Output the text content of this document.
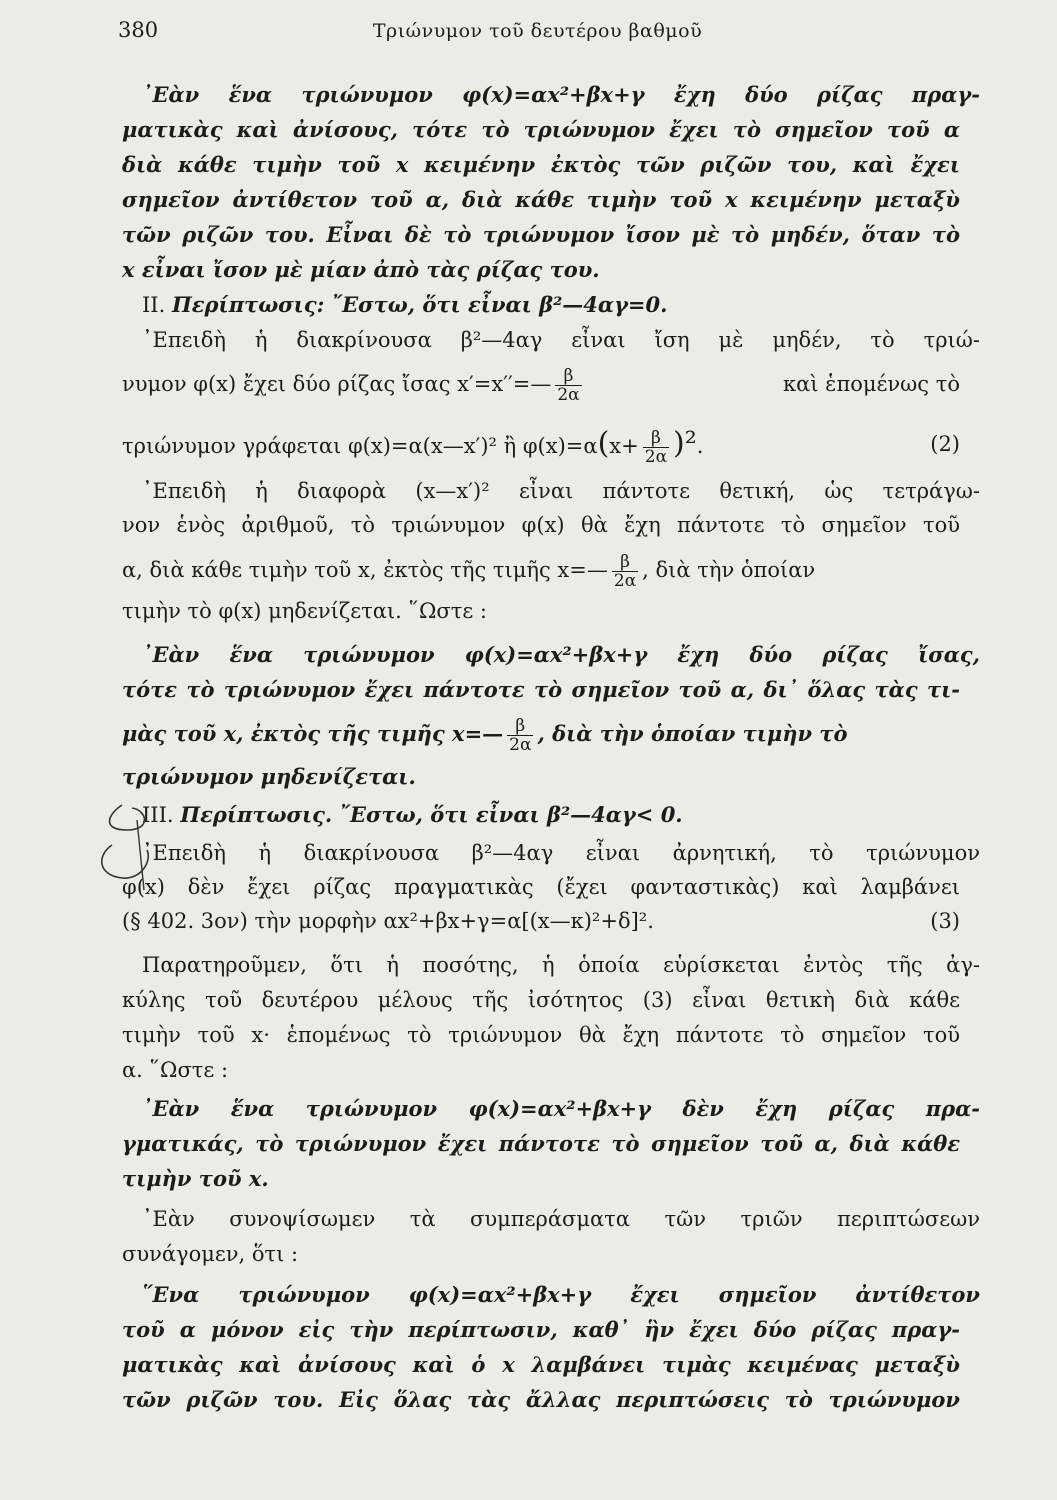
380	Τριώνυμον τοῦ δευτέρου βαθμοῦ
᾿Εὰν ἕνα τριώνυμον φ(x)=αx²+βx+γ ἔχη δύο ρίζας πραγ-
ματικὰς καὶ ἀνίσους, τότε τὸ τριώνυμον ἔχει τὸ σημεῖον τοῦ α
διὰ κάθε τιμὴν τοῦ x κειμένην ἐκτὸς τῶν ριζῶν του, καὶ ἔχει
σημεῖον ἀντίθετον τοῦ α, διὰ κάθε τιμὴν τοῦ x κειμένην μεταξὺ
τῶν ριζῶν του. Εἶναι δὲ τὸ τριώνυμον ἴσον μὲ τὸ μηδέν, ὅταν τὸ
x εἶναι ἴσον μὲ μίαν ἀπὸ τὰς ρίζας του.
II. Περίπτωσις: ῎Εστω, ὅτι εἶναι β²—4αγ=0.
᾿Επειδὴ ἡ διακρίνουσα β²—4αγ εἶναι ἴση μὲ μηδέν, τὸ τριώ-
νυμον φ(x) ἔχει δύο ρίζας ἴσας x′=x′′=— $\frac{\beta}{2\alpha}$	καὶ ἑπομένως τὸ
τριώνυμον γράφεται φ(x)=α(x—x′)² ἢ $\varphi(x)=\alpha(x+ \frac{\beta}{2\alpha} )^2$.	(2)
᾿Επειδὴ ἡ διαφορὰ (x—x′)² εἶναι πάντοτε θετική, ὡς τετράγω-
νον ἑνὸς ἀριθμοῦ, τὸ τριώνυμον φ(x) θὰ ἔχη πάντοτε τὸ σημεῖον τοῦ
α, διὰ κάθε τιμὴν τοῦ x, ἐκτὸς τῆς τιμῆς x=— $\frac{\beta}{2\alpha}$ , διὰ τὴν ὁποίαν
τιμὴν τὸ φ(x) μηδενίζεται. ῞Ωστε :
᾿Εὰν ἕνα τριώνυμον φ(x)=αx²+βx+γ ἔχη δύο ρίζας ἴσας,
τότε τὸ τριώνυμον ἔχει πάντοτε τὸ σημεῖον τοῦ α, δι᾿ ὅλας τὰς τι-
μὰς τοῦ x, ἐκτὸς τῆς τιμῆς x=— $\frac{\beta}{2\alpha}$ , διὰ τὴν ὁποίαν τιμὴν τὸ
τριώνυμον μηδενίζεται.
III. Περίπτωσις. ῎Εστω, ὅτι εἶναι β²—4αγ< 0.
᾿Επειδὴ ἡ διακρίνουσα β²—4αγ εἶναι ἀρνητική, τὸ τριώνυμον
φ(x) δὲν ἔχει ρίζας πραγματικὰς (ἔχει φανταστικὰς) καὶ λαμβάνει
(§ 402. 3ον) τὴν μορφὴν αx²+βx+γ=α[(x—κ)²+δ]².	(3)
Παρατηροῦμεν, ὅτι ἡ ποσότης, ἡ ὁποία εὑρίσκεται ἐντὸς τῆς ἀγ-
κύλης τοῦ δευτέρου μέλους τῆς ἰσότητος (3) εἶναι θετικὴ διὰ κάθε
τιμὴν τοῦ x· ἑπομένως τὸ τριώνυμον θὰ ἔχη πάντοτε τὸ σημεῖον τοῦ
α. ῞Ωστε :
᾿Εὰν ἕνα τριώνυμον φ(x)=αx²+βx+γ δὲν ἔχη ρίζας πρα-
γματικάς, τὸ τριώνυμον ἔχει πάντοτε τὸ σημεῖον τοῦ α, διὰ κάθε
τιμὴν τοῦ x.
᾿Εὰν συνοψίσωμεν τὰ συμπεράσματα τῶν τριῶν περιπτώσεων
συνάγομεν, ὅτι :
῞Ενα τριώνυμον φ(x)=αx²+βx+γ ἔχει σημεῖον ἀντίθετον
τοῦ α μόνον εἰς τὴν περίπτωσιν, καθ᾿ ἣν ἔχει δύο ρίζας πραγ-
ματικὰς καὶ ἀνίσους καὶ ὁ x λαμβάνει τιμὰς κειμένας μεταξὺ
τῶν ριζῶν του. Εἰς ὅλας τὰς ἄλλας περιπτώσεις τὸ τριώνυμον
